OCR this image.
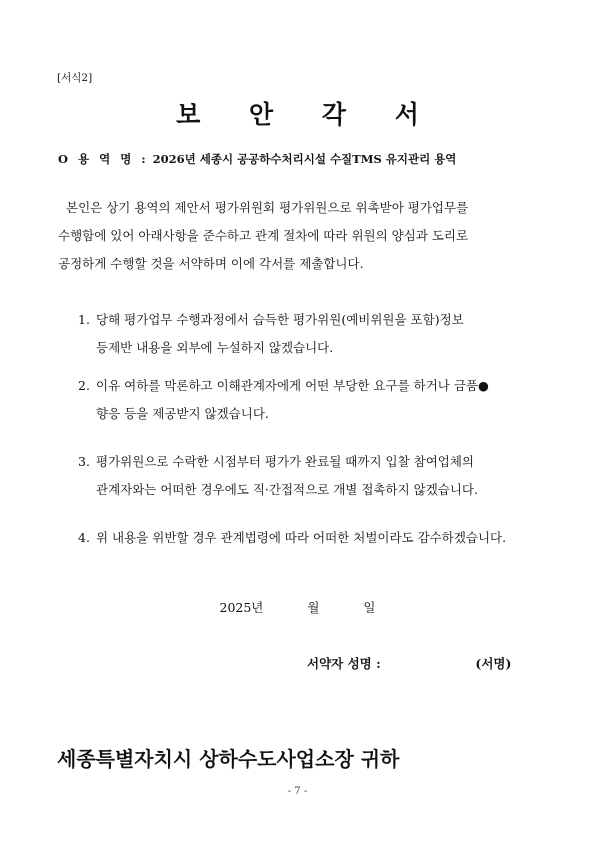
[서식2]
보 안 각 서
O 용 역 명 : 2026년 세종시 공공하수처리시설 수질TMS 유지관리 용역
본인은 상기 용역의 제안서 평가위원회 평가위원으로 위촉받아 평가업무를
수행함에 있어 아래사항을 준수하고 관계 절차에 따라 위원의 양심과 도리로
공정하게 수행할 것을 서약하며 이에 각서를 제출합니다.
1. 당해 평가업무 수행과정에서 습득한 평가위원(예비위원을 포함)정보
등제반 내용을 외부에 누설하지 않겠습니다.
2. 이유 여하를 막론하고 이해관계자에게 어떤 부당한 요구를 하거나 금품●
향응 등을 제공받지 않겠습니다.
3. 평가위원으로 수락한 시점부터 평가가 완료될 때까지 입찰 참여업체의
관계자와는 어떠한 경우에도 직·간접적으로 개별 접촉하지 않겠습니다.
4. 위 내용을 위반할 경우 관계법령에 따라 어떠한 처벌이라도 감수하겠습니다.
2025년	월	일
서약자 성명 :	(서명)
세종특별자치시 상하수도사업소장 귀하
- 7 -
